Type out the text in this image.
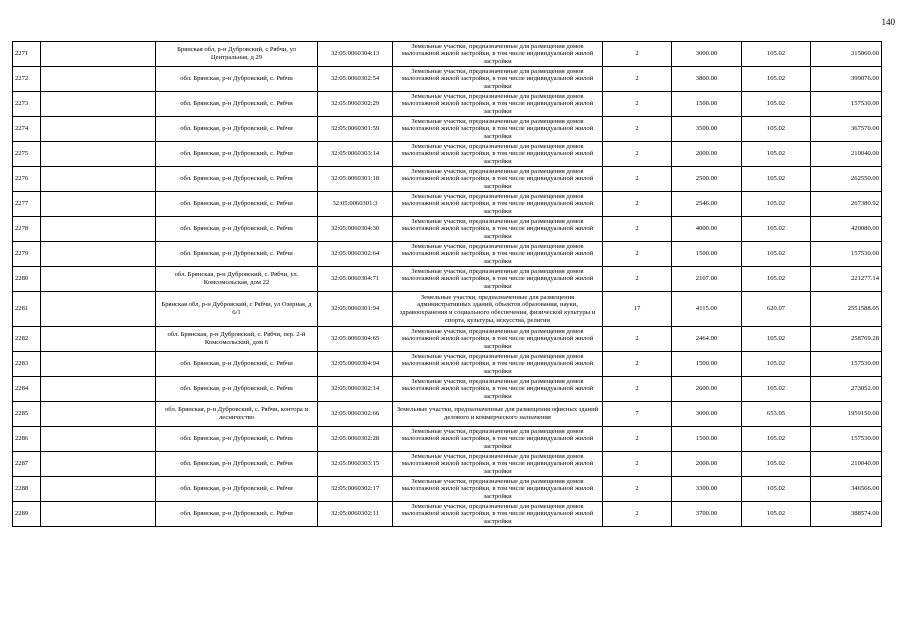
140
2271		Брянская обл, р-н Дубровский, с Рябчи, ул Центральная, д 29	32:05:0060304:13	Земельные участки, предназначенные для размещения домов малоэтажной жилой застройки, в том числе индивидуальной жилой застройки	2	3000.00	105.02	315060.00
2272		обл. Брянская, р-н Дубровский, с. Рябчи	32:05:0060302:54	Земельные участки, предназначенные для размещения домов малоэтажной жилой застройки, в том числе индивидуальной жилой застройки	2	3800.00	105.02	399076.00
2273		обл. Брянская, р-н Дубровский, с. Рябчи	32:05:0060302:29	Земельные участки, предназначенные для размещения домов малоэтажной жилой застройки, в том числе индивидуальной жилой застройки	2	1500.00	105.02	157530.00
2274		обл. Брянская, р-н Дубровский, с. Рябчи	32:05:0060301:59	Земельные участки, предназначенные для размещения домов малоэтажной жилой застройки, в том числе индивидуальной жилой застройки	2	3500.00	105.02	367570.00
2275		обл. Брянская, р-н Дубровский, с. Рябчи	32:05:0060303:14	Земельные участки, предназначенные для размещения домов малоэтажной жилой застройки, в том числе индивидуальной жилой застройки	2	2000.00	105.02	210040.00
2276		обл. Брянская, р-н Дубровский, с. Рябчи	32:05:0060301:18	Земельные участки, предназначенные для размещения домов малоэтажной жилой застройки, в том числе индивидуальной жилой застройки	2	2500.00	105.02	262550.00
2277		обл. Брянская, р-н Дубровский, с. Рябчи	32:05:0060301:3	Земельные участки, предназначенные для размещения домов малоэтажной жилой застройки, в том числе индивидуальной жилой застройки	2	2546.00	105.02	267380.92
2278		обл. Брянская, р-н Дубровский, с. Рябчи	32:05:0060304:30	Земельные участки, предназначенные для размещения домов малоэтажной жилой застройки, в том числе индивидуальной жилой застройки	2	4000.00	105.02	420080.00
2279		обл. Брянская, р-н Дубровский, с. Рябчи	32:05:0060302:64	Земельные участки, предназначенные для размещения домов малоэтажной жилой застройки, в том числе индивидуальной жилой застройки	2	1500.00	105.02	157530.00
2280		обл. Брянская, р-н Дубровский, с. Рябчи, ул. Комсомольская, дом 22	32:05:0060304:71	Земельные участки, предназначенные для размещения домов малоэтажной жилой застройки, в том числе индивидуальной жилой застройки	2	2107.00	105.02	221277.14
2281		Брянская обл, р-н Дубровский, с Рябчи, ул Озерная, д 6/1	32:05:0060301:94	Земельные участки, предназначенные для размещения административных зданий, объектов образования, науки, здравоохранения и социального обеспечения, физической культуры и спорта, культуры, искусства, религии	17	4115.00	620.07	2551588.05
2282		обл. Брянская, р-н Дубровский, с. Рябчи, пер. 2-й Комсомольский, дом 6	32:05:0060304:65	Земельные участки, предназначенные для размещения домов малоэтажной жилой застройки, в том числе индивидуальной жилой застройки	2	2464.00	105.02	258769.28
2283		обл. Брянская, р-н Дубровский, с. Рябчи	32:05:0060304:94	Земельные участки, предназначенные для размещения домов малоэтажной жилой застройки, в том числе индивидуальной жилой застройки	2	1500.00	105.02	157530.00
2284		обл. Брянская, р-н Дубровский, с. Рябчи	32:05:0060302:14	Земельные участки, предназначенные для размещения домов малоэтажной жилой застройки, в том числе индивидуальной жилой застройки	2	2600.00	105.02	273052.00
2285		обл. Брянская, р-н Дубровский, с. Рябчи, контора и лесничество	32:05:0060302:66	Земельные участки, предназначенные для размещения офисных зданий делового и коммерческого назначения	7	3000.00	653.05	1959150.00
2286		обл. Брянская, р-н Дубровский, с. Рябчи	32:05:0060302:28	Земельные участки, предназначенные для размещения домов малоэтажной жилой застройки, в том числе индивидуальной жилой застройки	2	1500.00	105.02	157530.00
2287		обл. Брянская, р-н Дубровский, с. Рябчи	32:05:0060303:15	Земельные участки, предназначенные для размещения домов малоэтажной жилой застройки, в том числе индивидуальной жилой застройки	2	2000.00	105.02	210040.00
2288		обл. Брянская, р-н Дубровский, с. Рябчи	32:05:0060302:17	Земельные участки, предназначенные для размещения домов малоэтажной жилой застройки, в том числе индивидуальной жилой застройки	2	3300.00	105.02	346566.00
2289		обл. Брянская, р-н Дубровский, с. Рябчи	32:05:0060302:11	Земельные участки, предназначенные для размещения домов малоэтажной жилой застройки, в том числе индивидуальной жилой застройки	2	3700.00	105.02	388574.00
